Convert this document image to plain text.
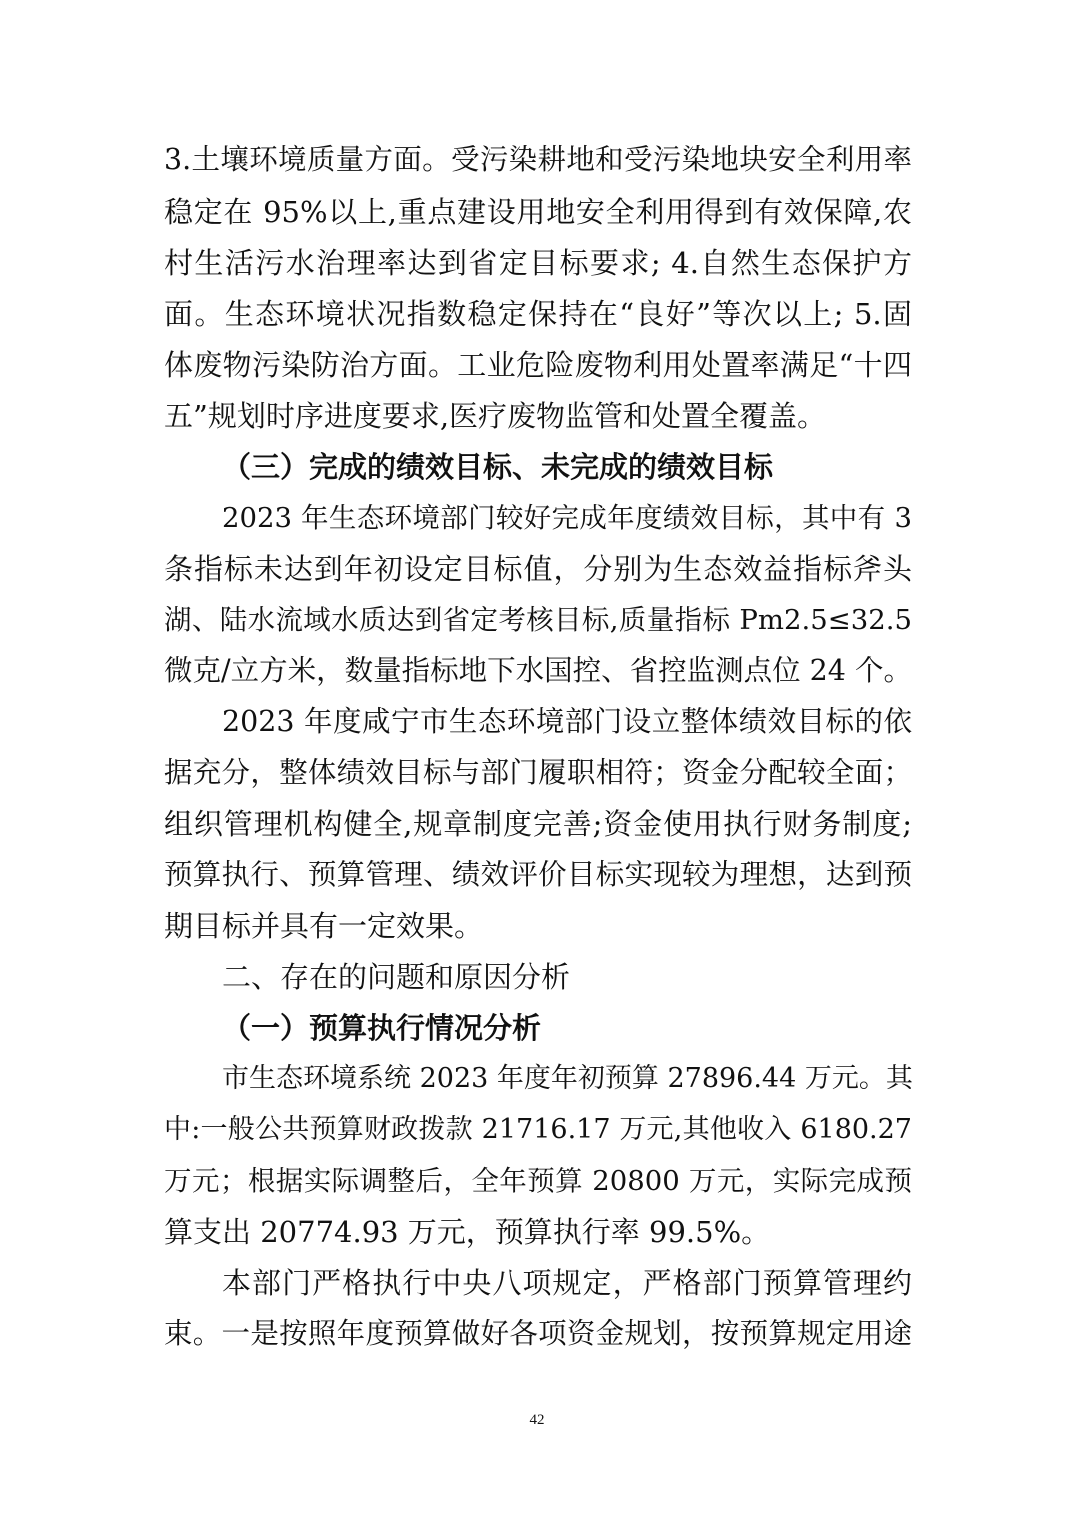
3.土壤环境质量方面。受污染耕地和受污染地块安全利用率
稳定在 95%以上,重点建设用地安全利用得到有效保障,农
村生活污水治理率达到省定目标要求; 4.自然生态保护方
面。生态环境状况指数稳定保持在“良好”等次以上; 5.固
体废物污染防治方面。工业危险废物利用处置率满足“十四
五”规划时序进度要求,医疗废物监管和处置全覆盖。
（三）完成的绩效目标、未完成的绩效目标
2023 年生态环境部门较好完成年度绩效目标，其中有 3
条指标未达到年初设定目标值，分别为生态效益指标斧头
湖、陆水流域水质达到省定考核目标,质量指标 Pm2.5≤32.5
微克/立方米，数量指标地下水国控、省控监测点位 24 个。
2023 年度咸宁市生态环境部门设立整体绩效目标的依
据充分，整体绩效目标与部门履职相符；资金分配较全面；
组织管理机构健全,规章制度完善;资金使用执行财务制度;
预算执行、预算管理、绩效评价目标实现较为理想，达到预
期目标并具有一定效果。
二、存在的问题和原因分析
（一）预算执行情况分析
市生态环境系统 2023 年度年初预算 27896.44 万元。其
中:一般公共预算财政拨款 21716.17 万元,其他收入 6180.27
万元；根据实际调整后，全年预算 20800 万元，实际完成预
算支出 20774.93 万元，预算执行率 99.5%。
本部门严格执行中央八项规定，严格部门预算管理约
束。一是按照年度预算做好各项资金规划，按预算规定用途
42
